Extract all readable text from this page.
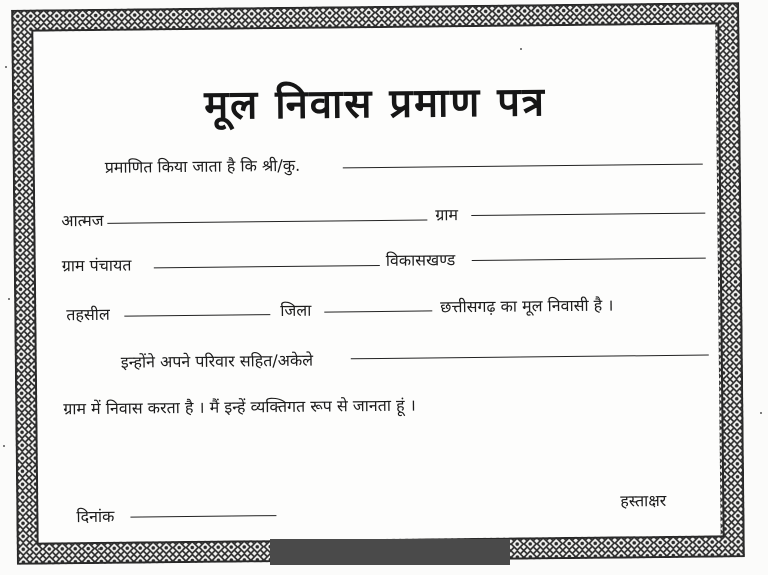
मूल निवास प्रमाण पत्र
प्रमाणित किया जाता है कि श्री/कु.
आत्मज	ग्राम
ग्राम पंचायत	विकासखण्ड
तहसील	जिला	छत्तीसगढ़ का मूल निवासी है ।
इन्होंने अपने परिवार सहित/अकेले
ग्राम में निवास करता है । मैं इन्हें व्यक्तिगत रूप से जानता हूं ।
दिनांक
हस्ताक्षर
